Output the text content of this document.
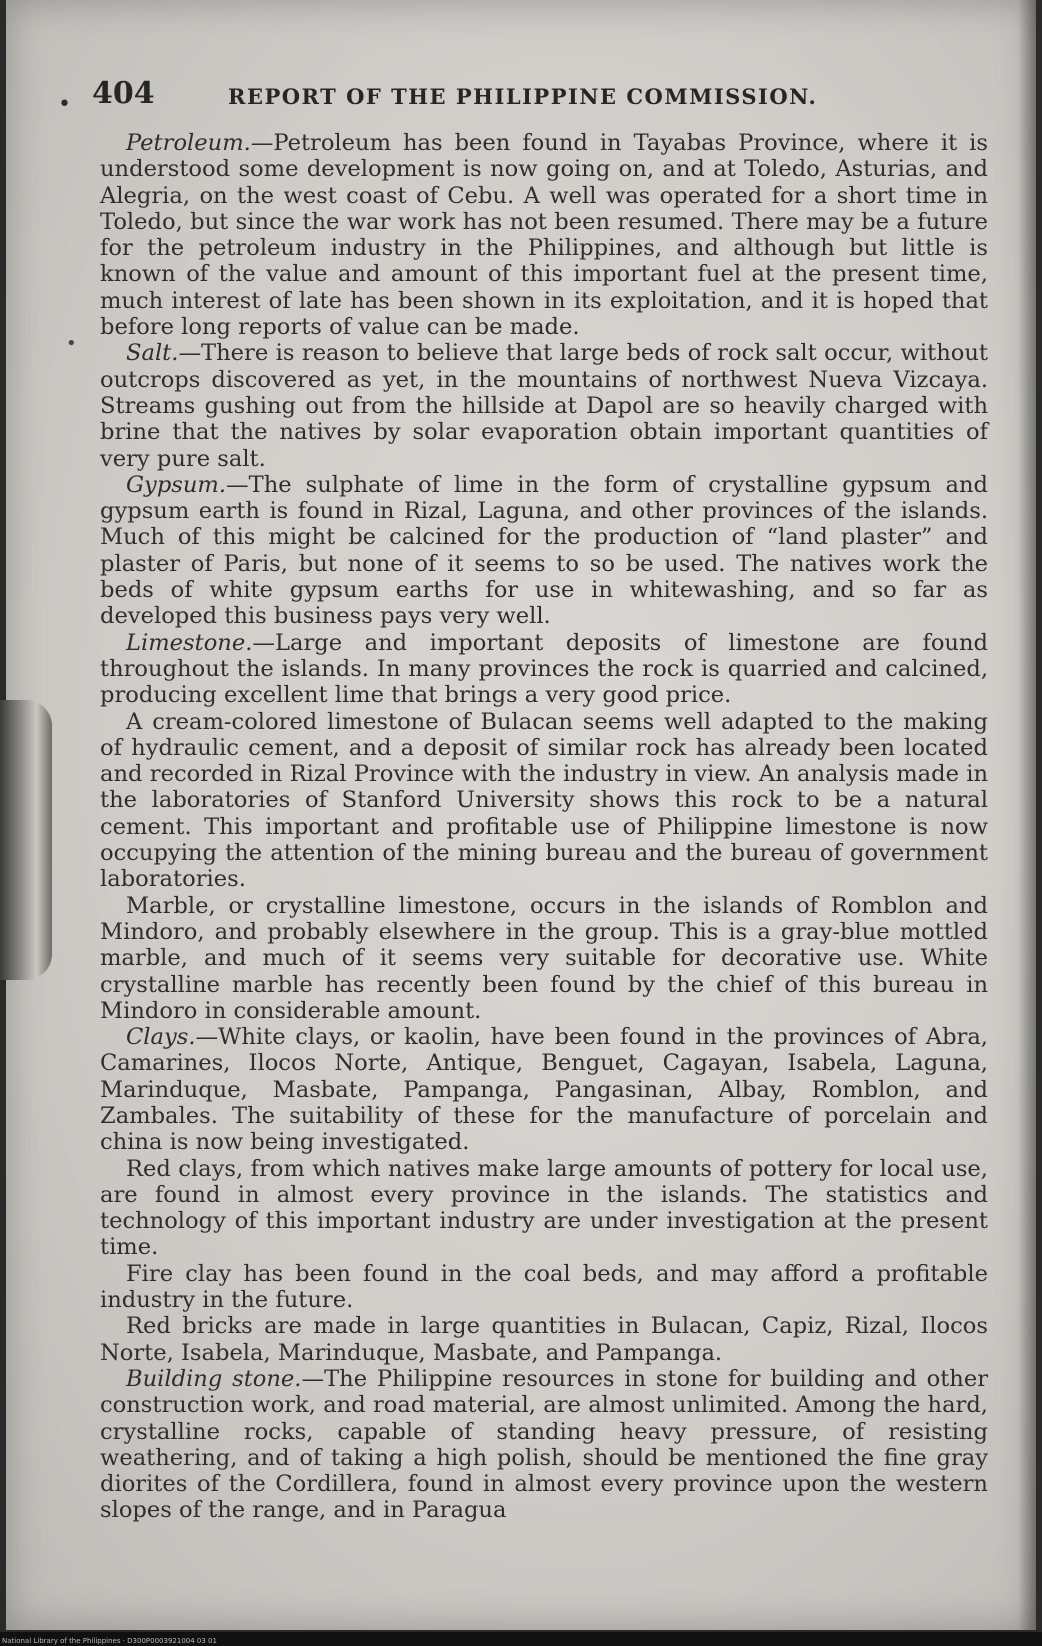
• 404	REPORT OF THE PHILIPPINE COMMISSION.
•

Petroleum.—Petroleum has been found in Tayabas Province, where it is understood some development is now going on, and at Toledo, Asturias, and Alegria, on the west coast of Cebu. A well was operated for a short time in Toledo, but since the war work has not been resumed. There may be a future for the petroleum industry in the Philippines, and although but little is known of the value and amount of this important fuel at the present time, much interest of late has been shown in its exploitation, and it is hoped that before long reports of value can be made.

Salt.—There is reason to believe that large beds of rock salt occur, without outcrops discovered as yet, in the mountains of northwest Nueva Vizcaya. Streams gushing out from the hillside at Dapol are so heavily charged with brine that the natives by solar evaporation obtain important quantities of very pure salt.

Gypsum.—The sulphate of lime in the form of crystalline gypsum and gypsum earth is found in Rizal, Laguna, and other provinces of the islands. Much of this might be calcined for the production of “land plaster” and plaster of Paris, but none of it seems to so be used. The natives work the beds of white gypsum earths for use in whitewashing, and so far as developed this business pays very well.

Limestone.—Large and important deposits of limestone are found throughout the islands. In many provinces the rock is quarried and calcined, producing excellent lime that brings a very good price.

A cream-colored limestone of Bulacan seems well adapted to the making of hydraulic cement, and a deposit of similar rock has already been located and recorded in Rizal Province with the industry in view. An analysis made in the laboratories of Stanford University shows this rock to be a natural cement. This important and profitable use of Philippine limestone is now occupying the attention of the mining bureau and the bureau of government laboratories.

Marble, or crystalline limestone, occurs in the islands of Romblon and Mindoro, and probably elsewhere in the group. This is a gray-blue mottled marble, and much of it seems very suitable for decorative use. White crystalline marble has recently been found by the chief of this bureau in Mindoro in considerable amount.

Clays.—White clays, or kaolin, have been found in the provinces of Abra, Camarines, Ilocos Norte, Antique, Benguet, Cagayan, Isabela, Laguna, Marinduque, Masbate, Pampanga, Pangasinan, Albay, Romblon, and Zambales. The suitability of these for the manufacture of porcelain and china is now being investigated.

Red clays, from which natives make large amounts of pottery for local use, are found in almost every province in the islands. The statistics and technology of this important industry are under investigation at the present time.

Fire clay has been found in the coal beds, and may afford a profitable industry in the future.

Red bricks are made in large quantities in Bulacan, Capiz, Rizal, Ilocos Norte, Isabela, Marinduque, Masbate, and Pampanga.

Building stone.—The Philippine resources in stone for building and other construction work, and road material, are almost unlimited. Among the hard, crystalline rocks, capable of standing heavy pressure, of resisting weathering, and of taking a high polish, should be mentioned the fine gray diorites of the Cordillera, found in almost every province upon the western slopes of the range, and in Paragua

National Library of the Philippines · D300P0003921004 03 01
